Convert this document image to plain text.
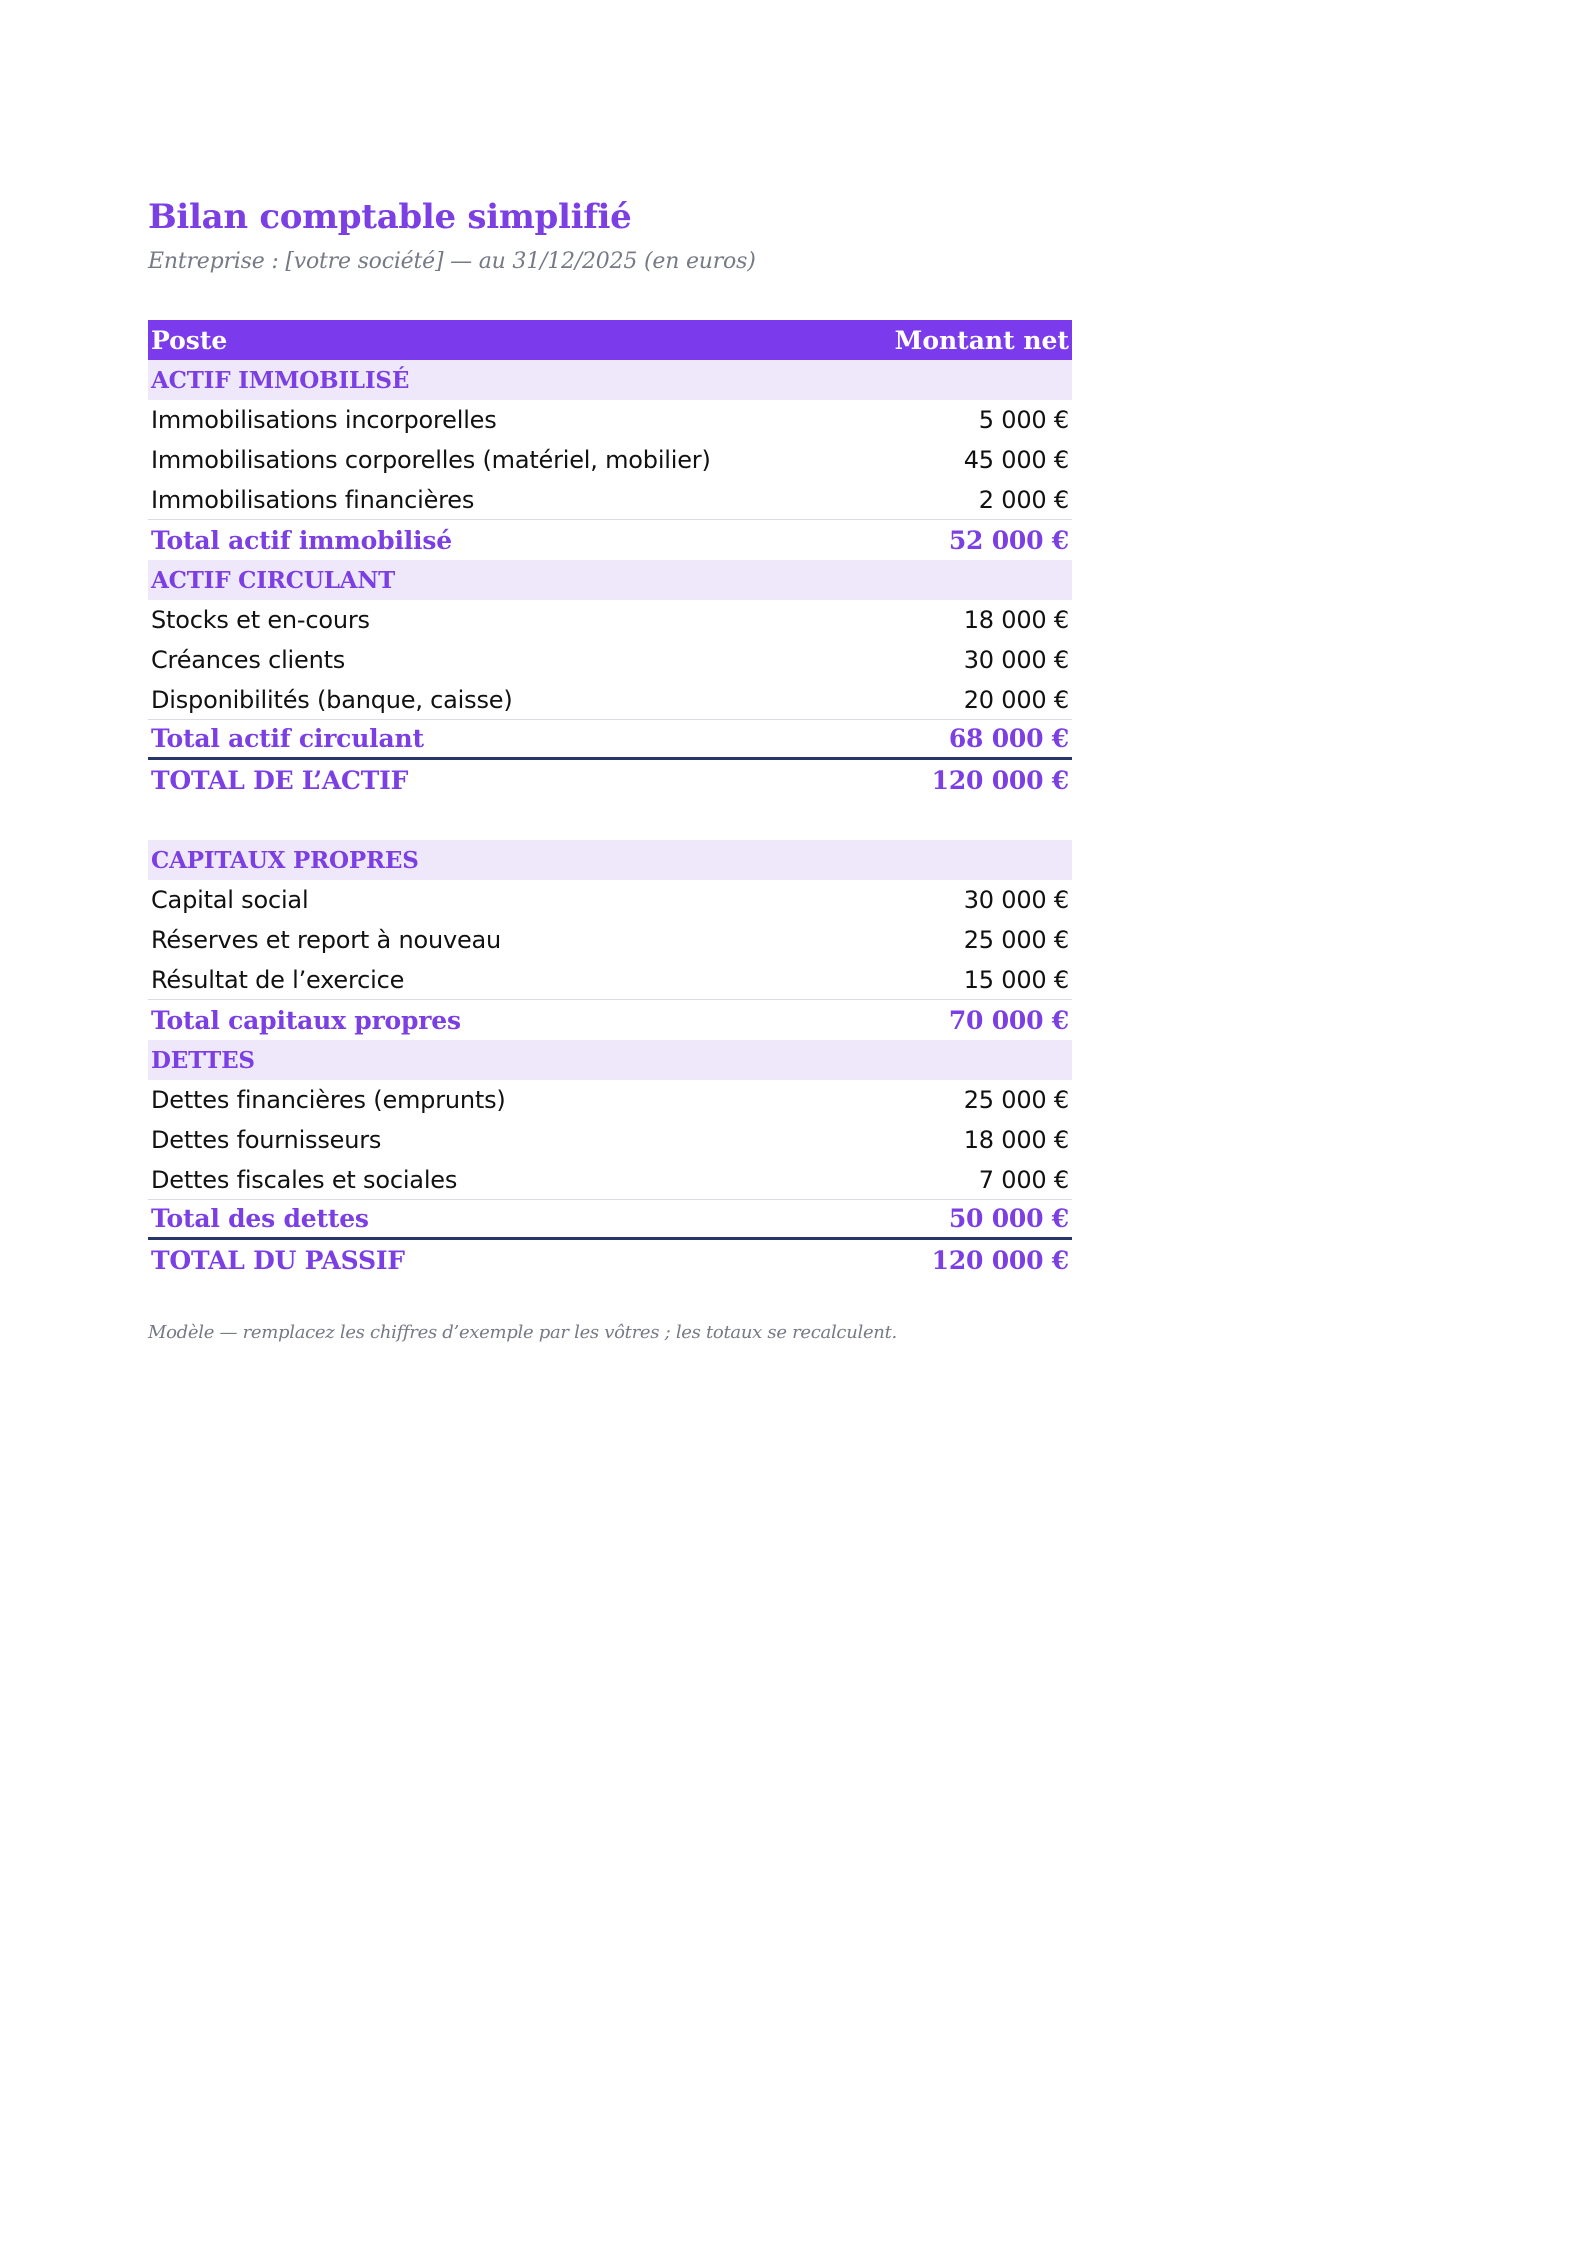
Bilan comptable simplifié
Entreprise : [votre société] — au 31/12/2025 (en euros)
Poste	Montant net
ACTIF IMMOBILISÉ
Immobilisations incorporelles	5 000 €
Immobilisations corporelles (matériel, mobilier)	45 000 €
Immobilisations financières	2 000 €
Total actif immobilisé	52 000 €
ACTIF CIRCULANT
Stocks et en-cours	18 000 €
Créances clients	30 000 €
Disponibilités (banque, caisse)	20 000 €
Total actif circulant	68 000 €
TOTAL DE L’ACTIF	120 000 €
CAPITAUX PROPRES
Capital social	30 000 €
Réserves et report à nouveau	25 000 €
Résultat de l’exercice	15 000 €
Total capitaux propres	70 000 €
DETTES
Dettes financières (emprunts)	25 000 €
Dettes fournisseurs	18 000 €
Dettes fiscales et sociales	7 000 €
Total des dettes	50 000 €
TOTAL DU PASSIF	120 000 €
Modèle — remplacez les chiffres d’exemple par les vôtres ; les totaux se recalculent.
